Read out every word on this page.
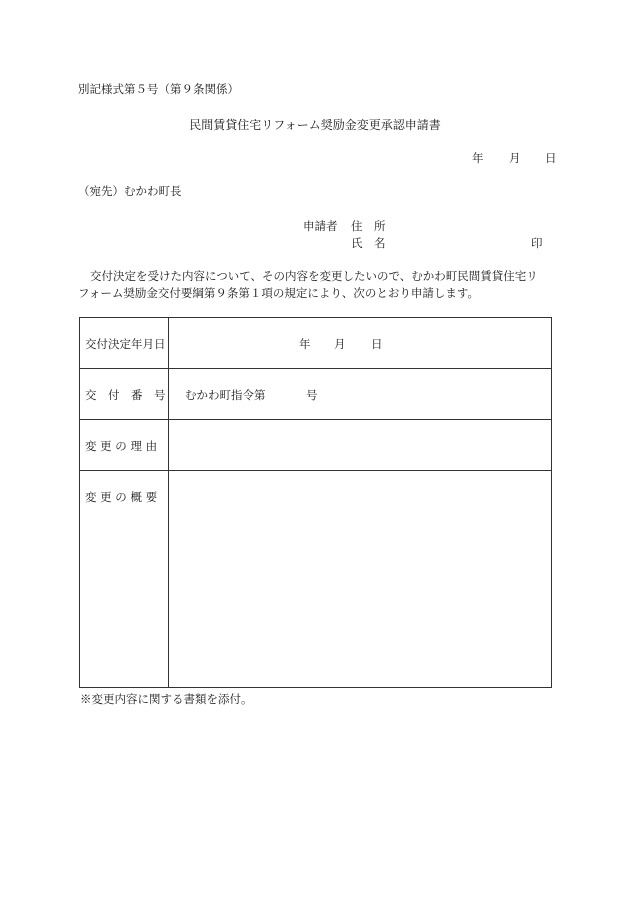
別記様式第５号（第９条関係）
民間賃貸住宅リフォーム奨励金変更承認申請書
年 月 日
（宛先）むかわ町長
申請者 住　所
氏　名	印
交付決定を受けた内容について、その内容を変更したいので、むかわ町民間賃貸住宅リ
フォーム奨励金交付要綱第９条第１項の規定により、次のとおり申請します。
交付決定年月日	年 月 日
交　付　番　号 むかわ町指令第	号
変 更 の 理 由
変 更 の 概 要
※変更内容に関する書類を添付。
